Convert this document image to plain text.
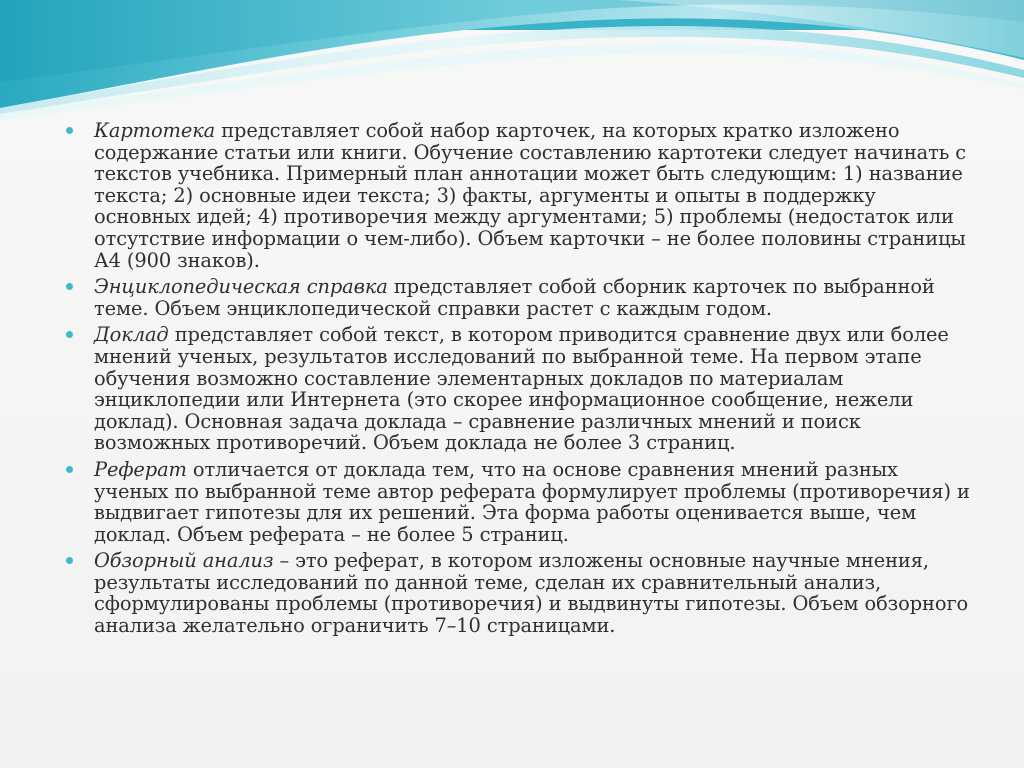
Картотека представляет собой набор карточек, на которых кратко изложено содержание статьи или книги. Обучение составлению картотеки следует начинать с текстов учебника. Примерный план аннотации может быть следующим: 1) название текста; 2) основные идеи текста; 3) факты, аргументы и опыты в поддержку основных идей; 4) противоречия между аргументами; 5) проблемы (недостаток или отсутствие информации о чем-либо). Объем карточки – не более половины страницы А4 (900 знаков).
Энциклопедическая справка представляет собой сборник карточек по выбранной теме. Объем энциклопедической справки растет с каждым годом.
Доклад представляет собой текст, в котором приводится сравнение двух или более мнений ученых, результатов исследований по выбранной теме. На первом этапе обучения возможно составление элементарных докладов по материалам энциклопедии или Интернета (это скорее информационное сообщение, нежели доклад). Основная задача доклада – сравнение различных мнений и поиск возможных противоречий. Объем доклада не более 3 страниц.
Реферат отличается от доклада тем, что на основе сравнения мнений разных ученых по выбранной теме автор реферата формулирует проблемы (противоречия) и выдвигает гипотезы для их решений. Эта форма работы оценивается выше, чем доклад. Объем реферата – не более 5 страниц.
Обзорный анализ – это реферат, в котором изложены основные научные мнения, результаты исследований по данной теме, сделан их сравнительный анализ, сформулированы проблемы (противоречия) и выдвинуты гипотезы. Объем обзорного анализа желательно ограничить 7–10 страницами.
